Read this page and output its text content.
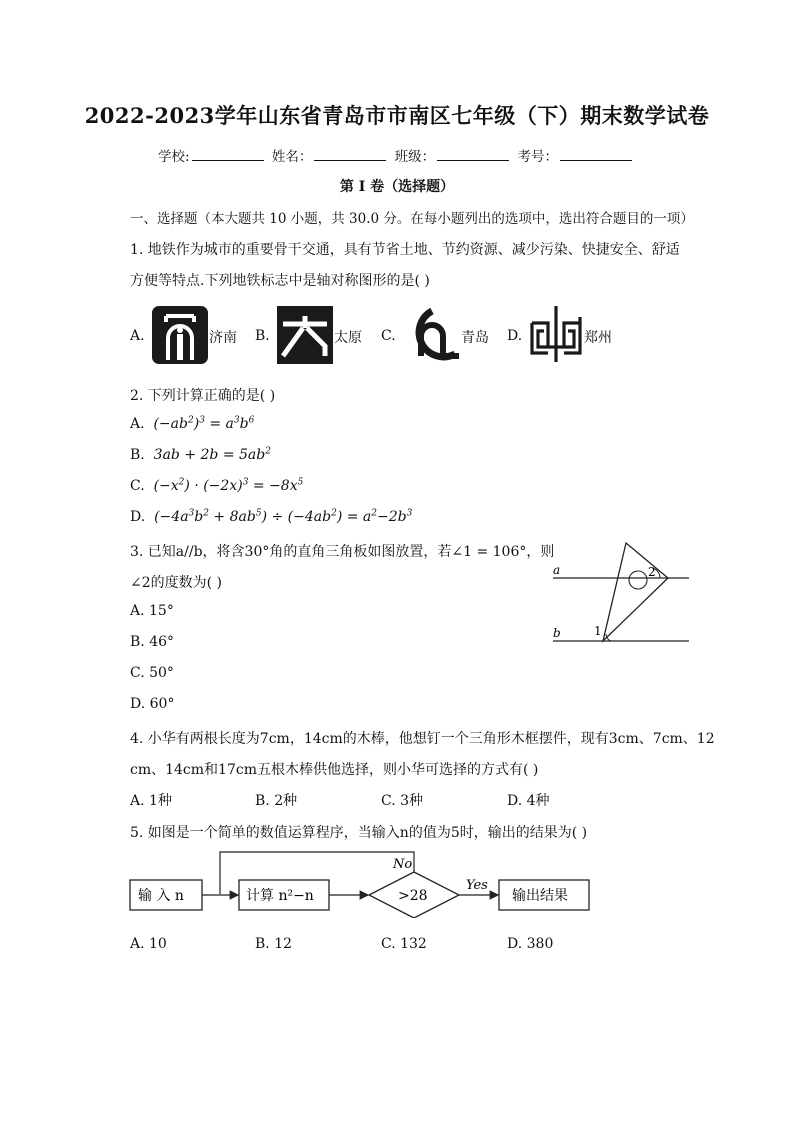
2022-2023学年山东省青岛市市南区七年级（下）期末数学试卷
学校:	姓名：	班级：	考号：
第 I 卷（选择题）
一、选择题（本大题共 10 小题，共 30.0 分。在每小题列出的选项中，选出符合题目的一项）
1. 地铁作为城市的重要骨干交通，具有节省土地、节约资源、减少污染、快捷安全、舒适
方便等特点.下列地铁标志中是轴对称图形的是( )
A.	济南 B.	太原 C.	青岛 D.	郑州
2. 下列计算正确的是( )
A. $(-ab^2)^3 = a^3b^6$
B. $3ab + 2b = 5ab^2$
C. $(-x^2) \cdot (-2x)^3 = -8x^5$
D. $(-4a^3b^2 + 8ab^5) \div (-4ab^2) = a^2-2b^3$
3. 已知a//b，将含30°角的直角三角板如图放置，若∠1 = 106°，则
∠2的度数为( )
A. 15°
B. 46°
C. 50°
D. 60°
a
b	1
2
4. 小华有两根长度为7cm，14cm的木棒，他想钉一个三角形木框摆件，现有3cm、7cm、12
cm、14cm和17cm五根木棒供他选择，则小华可选择的方式有( )
A. 1种	B. 2种	C. 3种	D. 4种
5. 如图是一个简单的数值运算程序，当输入n的值为5时，输出的结果为( )
输 入 n	计算 n²−n	>28	输出结果
No
Yes
A. 10	B. 12	C. 132	D. 380
